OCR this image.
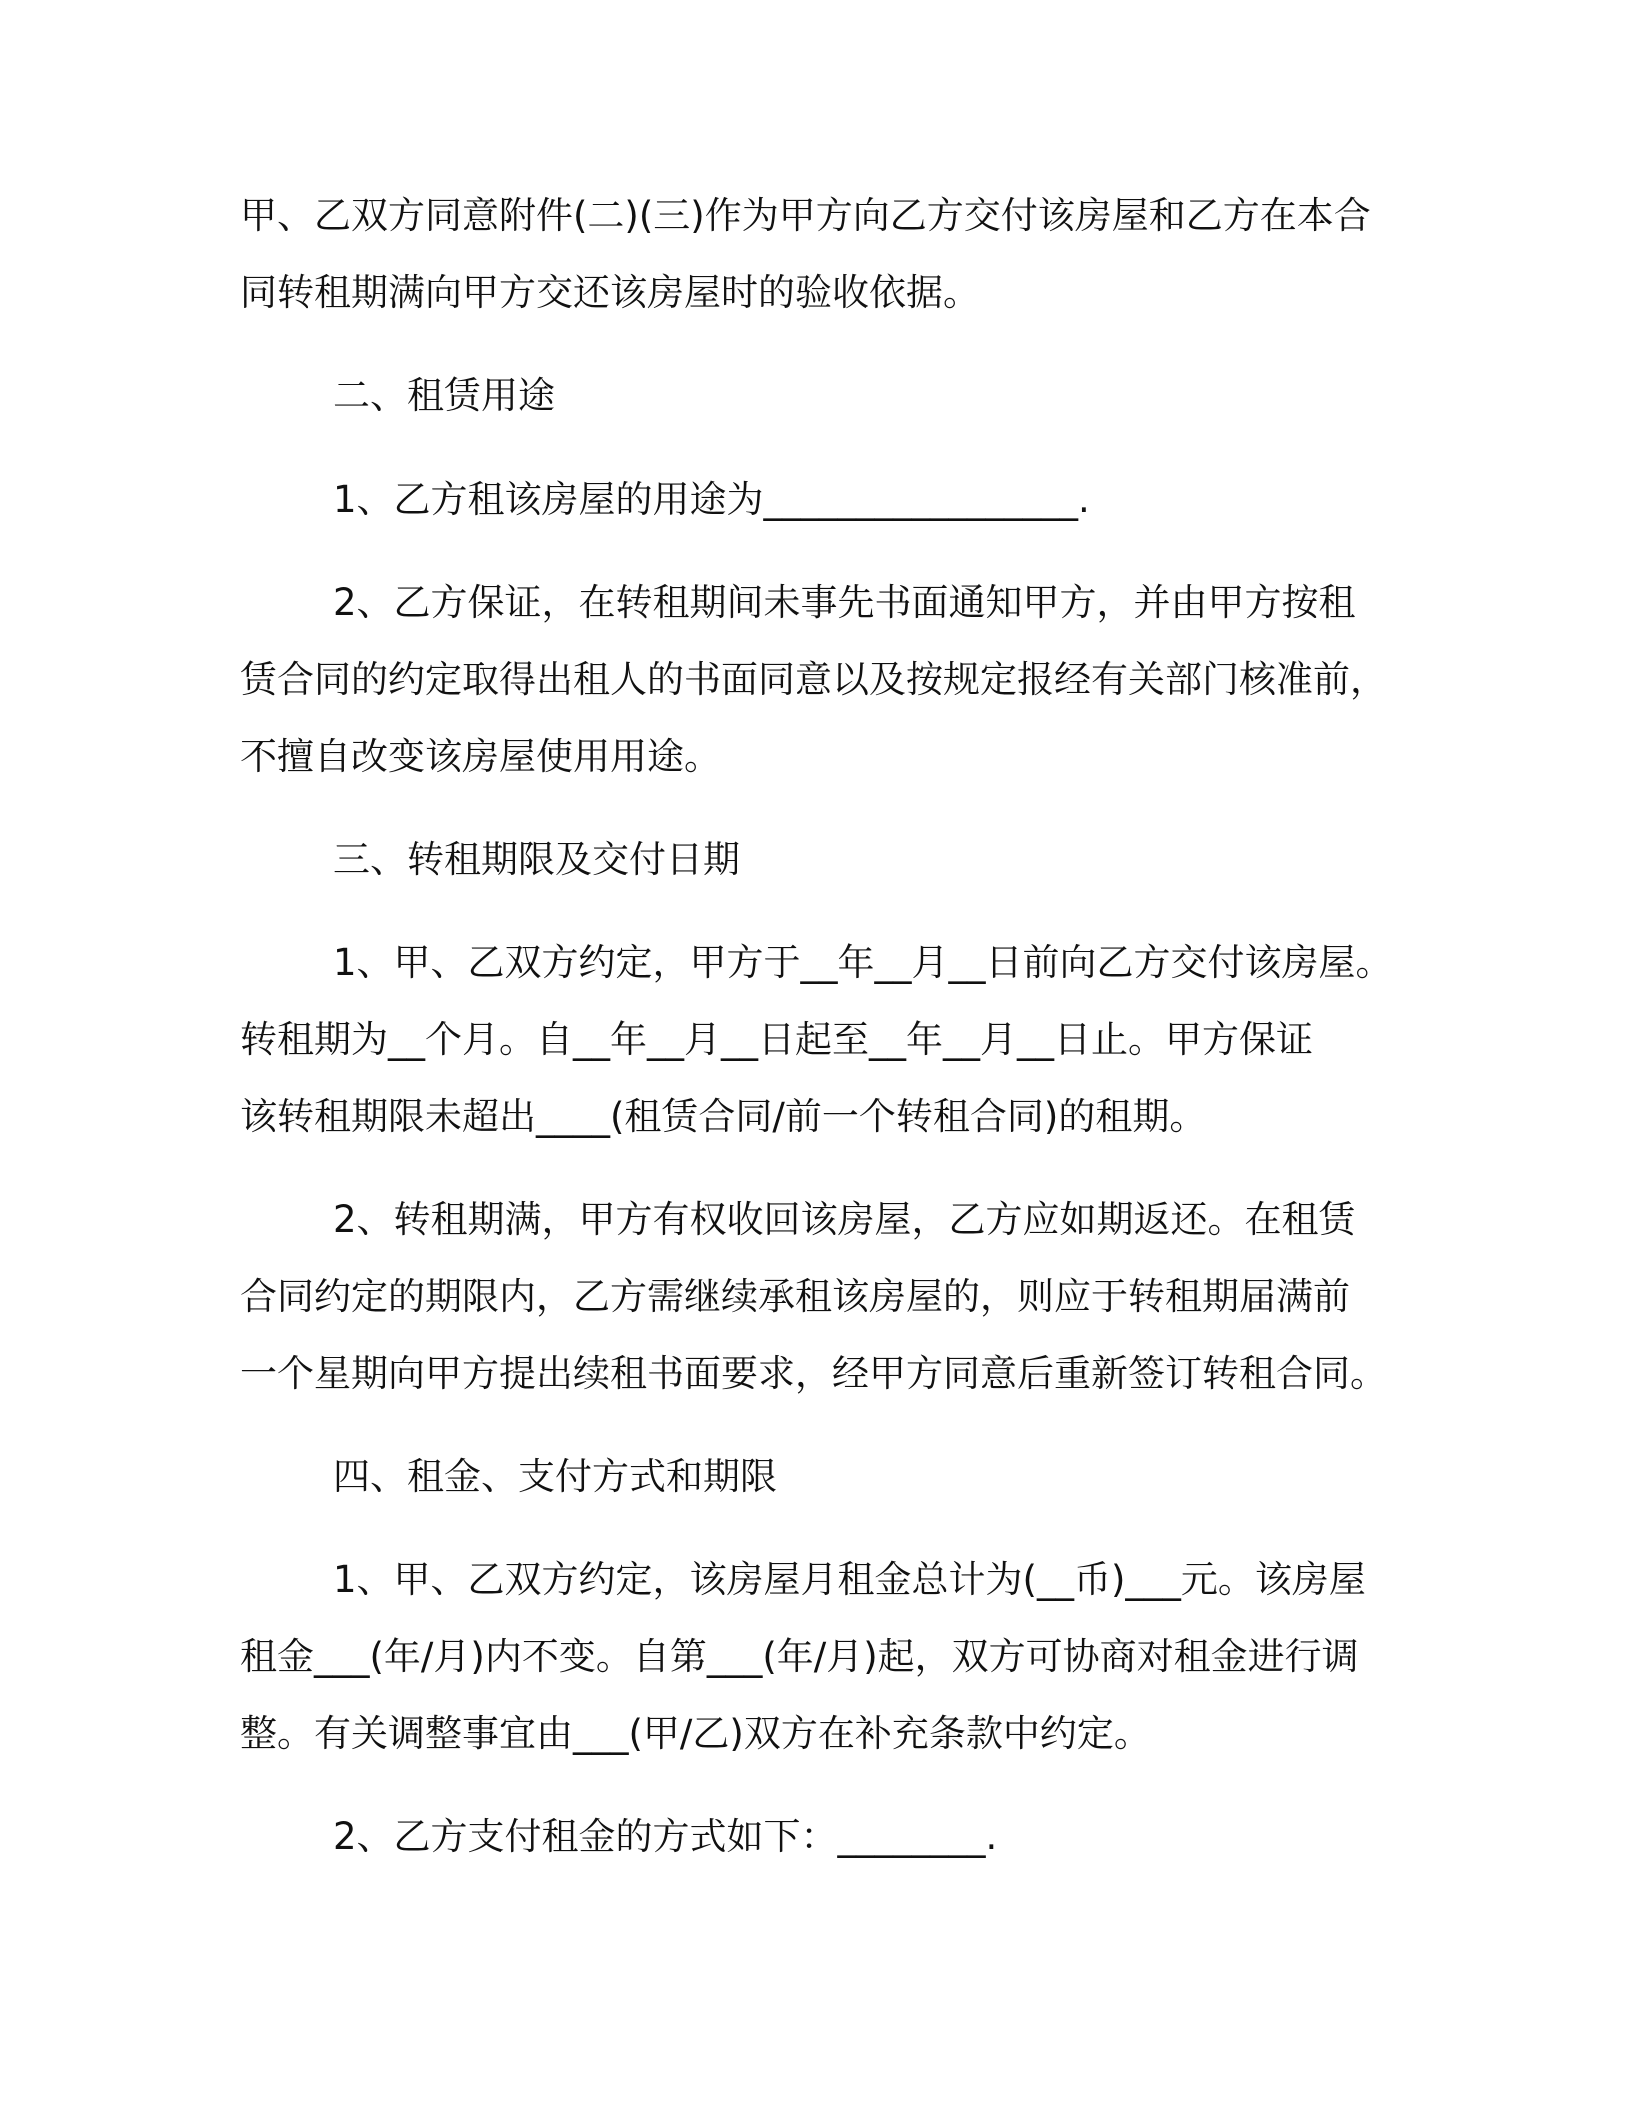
甲、乙双方同意附件(二)(三)作为甲方向乙方交付该房屋和乙方在本合

同转租期满向甲方交还该房屋时的验收依据。

二、租赁用途

1、乙方租该房屋的用途为_________________.

2、乙方保证，在转租期间未事先书面通知甲方，并由甲方按租

赁合同的约定取得出租人的书面同意以及按规定报经有关部门核准前，

不擅自改变该房屋使用用途。

三、转租期限及交付日期

1、甲、乙双方约定，甲方于__年__月__日前向乙方交付该房屋。

转租期为__个月。自__年__月__日起至__年__月__日止。甲方保证

该转租期限未超出____(租赁合同/前一个转租合同)的租期。

2、转租期满，甲方有权收回该房屋，乙方应如期返还。在租赁

合同约定的期限内，乙方需继续承租该房屋的，则应于转租期届满前

一个星期向甲方提出续租书面要求，经甲方同意后重新签订转租合同。

四、租金、支付方式和期限

1、甲、乙双方约定，该房屋月租金总计为(__币)___元。该房屋

租金___(年/月)内不变。自第___(年/月)起，双方可协商对租金进行调

整。有关调整事宜由___(甲/乙)双方在补充条款中约定。

2、乙方支付租金的方式如下：________.
